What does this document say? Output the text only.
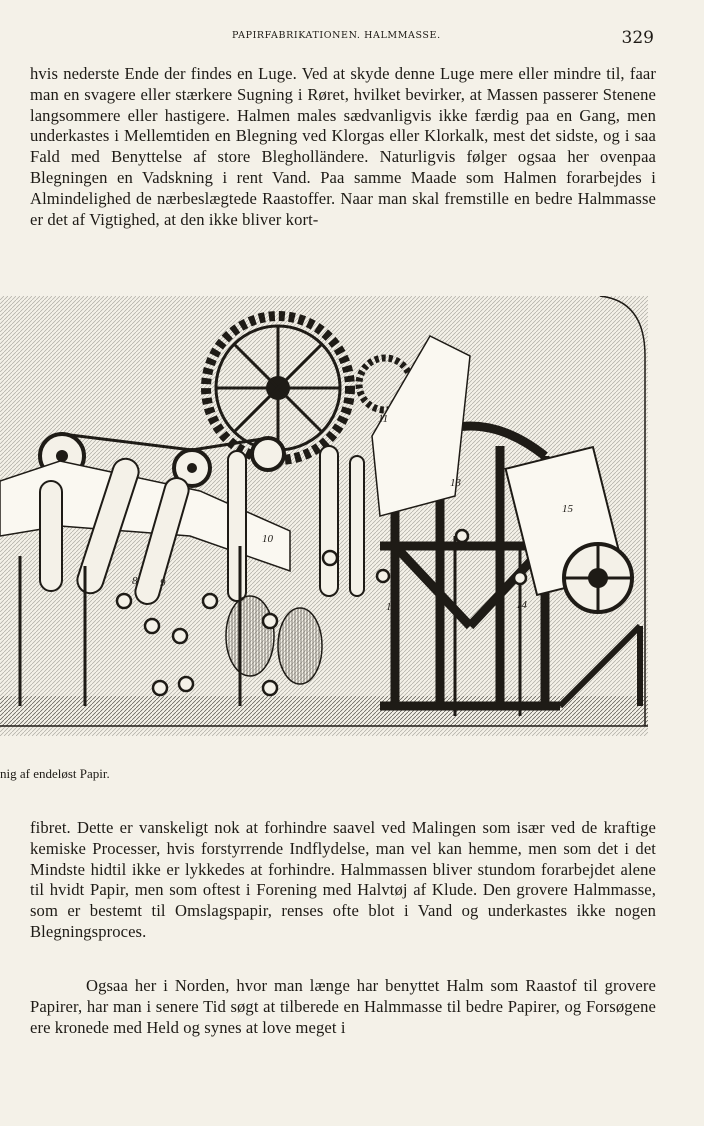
PAPIRFABRIKATIONEN. HALMMASSE.	329

hvis nederste Ende der findes en Luge. Ved at skyde denne Luge mere eller mindre til, faar man en svagere eller stærkere Sugning i Røret, hvilket bevirker, at Massen passerer Stenene langsommere eller hastigere. Halmen males sædvanligvis ikke færdig paa en Gang, men underkastes i Mellemtiden en Blegning ved Klorgas eller Klorkalk, mest det sidste, og i saa Fald med Benyttelse af store Blegholländere. Naturligvis følger ogsaa her ovenpaa Blegningen en Vadskning i rent Vand. Paa samme Maade som Halmen forarbejdes i Almindelighed de nærbeslægtede Raastoffer. Naar man skal fremstille en bedre Halmmasse er det af Vigtighed, at den ikke bliver kort-

8 9
10
11
12
13
14
15
nig af endeløst Papir.

fibret. Dette er vanskeligt nok at forhindre saavel ved Malingen som især ved de kraftige kemiske Processer, hvis forstyrrende Indflydelse, man vel kan hemme, men som det i det Mindste hidtil ikke er lykkedes at forhindre. Halmmassen bliver stundom forarbejdet alene til hvidt Papir, men som oftest i Forening med Halvtøj af Klude. Den grovere Halmmasse, som er bestemt til Omslagspapir, renses ofte blot i Vand og underkastes ikke nogen Blegningsproces.

Ogsaa her i Norden, hvor man længe har benyttet Halm som Raastof til grovere Papirer, har man i senere Tid søgt at tilberede en Halmmasse til bedre Papirer, og Forsøgene ere kronede med Held og synes at love meget i
